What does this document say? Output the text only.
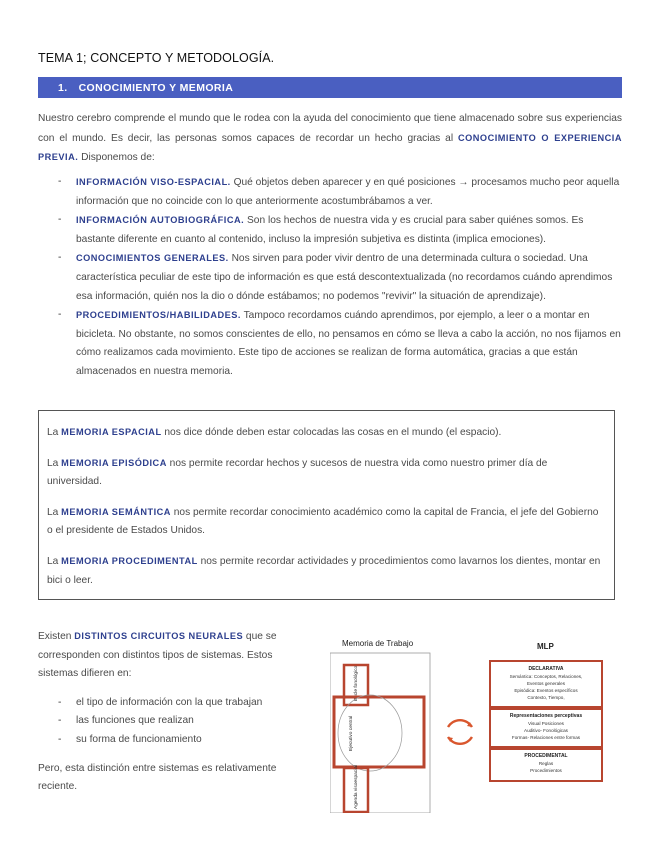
TEMA 1; CONCEPTO Y METODOLOGÍA.
1. CONOCIMIENTO Y MEMORIA
Nuestro cerebro comprende el mundo que le rodea con la ayuda del conocimiento que tiene almacenado sobre sus experiencias con el mundo. Es decir, las personas somos capaces de recordar un hecho gracias al CONOCIMIENTO O EXPERIENCIA PREVIA. Disponemos de:
- INFORMACIÓN VISO-ESPACIAL. Qué objetos deben aparecer y en qué posiciones → procesamos mucho peor aquella información que no coincide con lo que anteriormente acostumbrábamos a ver.
- INFORMACIÓN AUTOBIOGRÁFICA. Son los hechos de nuestra vida y es crucial para saber quiénes somos. Es bastante diferente en cuanto al contenido, incluso la impresión subjetiva es distinta (implica emociones).
- CONOCIMIENTOS GENERALES. Nos sirven para poder vivir dentro de una determinada cultura o sociedad. Una característica peculiar de este tipo de información es que está descontextualizada (no recordamos cuándo aprendimos esa información, quién nos la dio o dónde estábamos; no podemos "revivir" la situación de aprendizaje).
- PROCEDIMIENTOS/HABILIDADES. Tampoco recordamos cuándo aprendimos, por ejemplo, a leer o a montar en bicicleta. No obstante, no somos conscientes de ello, no pensamos en cómo se lleva a cabo la acción, no nos fijamos en cómo realizamos cada movimiento. Este tipo de acciones se realizan de forma automática, gracias a que están almacenados en nuestra memoria.

La MEMORIA ESPACIAL nos dice dónde deben estar colocadas las cosas en el mundo (el espacio).

La MEMORIA EPISÓDICA nos permite recordar hechos y sucesos de nuestra vida como nuestro primer día de universidad.

La MEMORIA SEMÁNTICA nos permite recordar conocimiento académico como la capital de Francia, el jefe del Gobierno o el presidente de Estados Unidos.

La MEMORIA PROCEDIMENTAL nos permite recordar actividades y procedimientos como lavarnos los dientes, montar en bici o leer.

Existen DISTINTOS CIRCUITOS NEURALES que se corresponden con distintos tipos de sistemas. Estos sistemas difieren en:

- el tipo de información con la que trabajan
- las funciones que realizan
- su forma de funcionamiento

Pero, esta distinción entre sistemas es relativamente reciente.

Memoria de Trabajo
Bucle fonológico
Ejecutivo central
Agenda visoespacial
MLP
DECLARATIVA
Semántica: Conceptos, Relaciones,
Eventos generales
Episódica: Eventos específicos
Contexto, Tiempo,
Representaciones perceptivas
Visual Posiciones
Auditivo- Fonológicas
Formas- Relaciones entre formas
PROCEDIMENTAL
Reglas
Procedimientos
